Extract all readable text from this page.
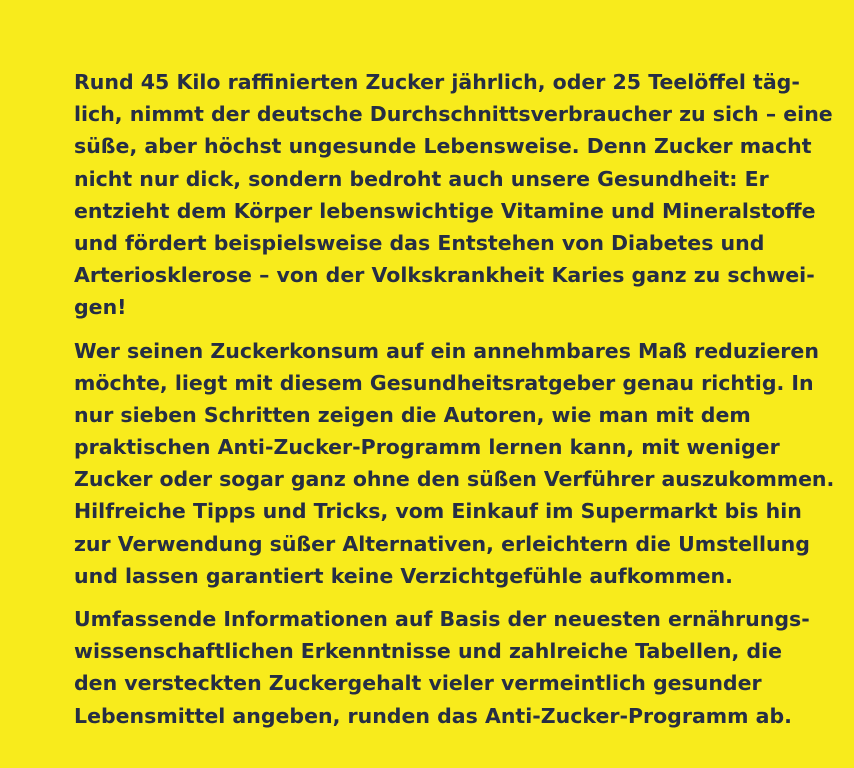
Rund 45 Kilo raffinierten Zucker jährlich, oder 25 Teelöffel täg-
lich, nimmt der deutsche Durchschnittsverbraucher zu sich – eine
süße, aber höchst ungesunde Lebensweise. Denn Zucker macht
nicht nur dick, sondern bedroht auch unsere Gesundheit: Er
entzieht dem Körper lebenswichtige Vitamine und Mineralstoffe
und fördert beispielsweise das Entstehen von Diabetes und
Arteriosklerose – von der Volkskrankheit Karies ganz zu schwei-
gen!

Wer seinen Zuckerkonsum auf ein annehmbares Maß reduzieren
möchte, liegt mit diesem Gesundheitsratgeber genau richtig. In
nur sieben Schritten zeigen die Autoren, wie man mit dem
praktischen Anti-Zucker-Programm lernen kann, mit weniger
Zucker oder sogar ganz ohne den süßen Verführer auszukommen.
Hilfreiche Tipps und Tricks, vom Einkauf im Supermarkt bis hin
zur Verwendung süßer Alternativen, erleichtern die Umstellung
und lassen garantiert keine Verzichtgefühle aufkommen.

Umfassende Informationen auf Basis der neuesten ernährungs-
wissenschaftlichen Erkenntnisse und zahlreiche Tabellen, die
den versteckten Zuckergehalt vieler vermeintlich gesunder
Lebensmittel angeben, runden das Anti-Zucker-Programm ab.
